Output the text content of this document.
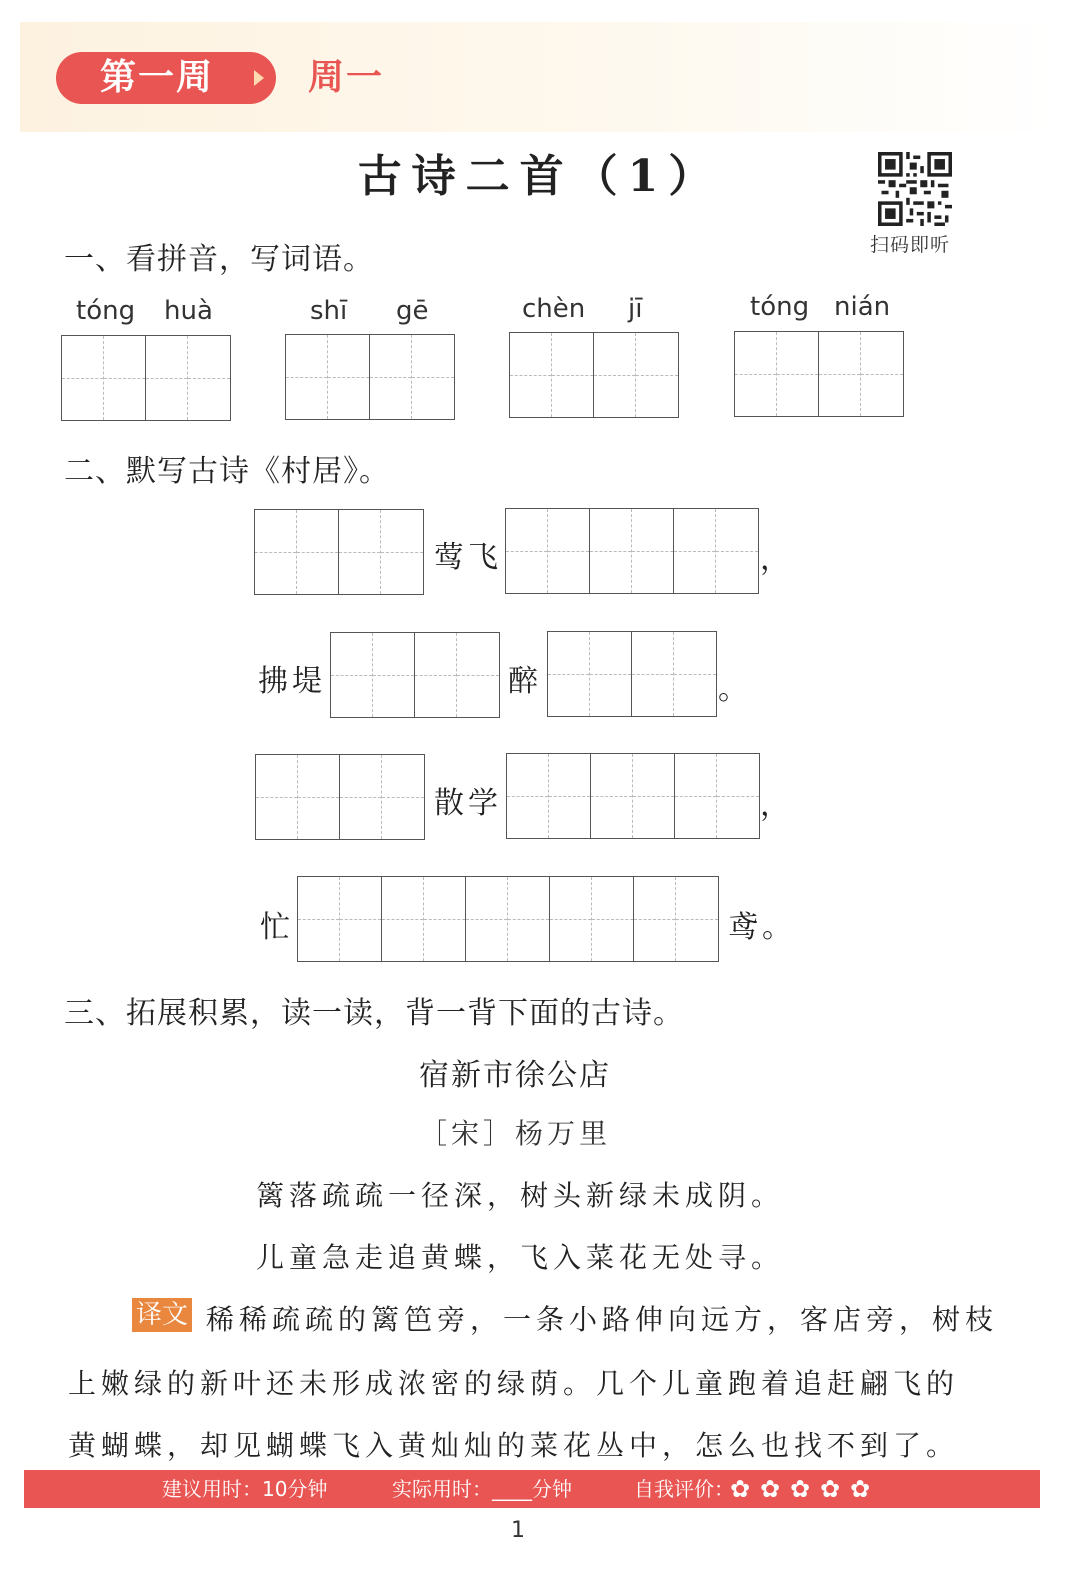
第一周	周一
古诗二首（1）
扫码即听
一、看拼音，写词语。
tóng huà	shī gē	chèn jī	tóng nián
二、默写古诗《村居》。
莺飞	，
拂堤	醉	。
散学	，
忙	鸢。
三、拓展积累，读一读，背一背下面的古诗。
宿新市徐公店
［宋］杨万里
篱落疏疏一径深，树头新绿未成阴。
儿童急走追黄蝶，飞入菜花无处寻。
译文 稀稀疏疏的篱笆旁，一条小路伸向远方，客店旁，树枝
上嫩绿的新叶还未形成浓密的绿荫。几个儿童跑着追赶翩飞的
黄蝴蝶，却见蝴蝶飞入黄灿灿的菜花丛中，怎么也找不到了。
建议用时：10分钟	实际用时：____分钟	自我评价：
✿ ✿ ✿ ✿ ✿
1
